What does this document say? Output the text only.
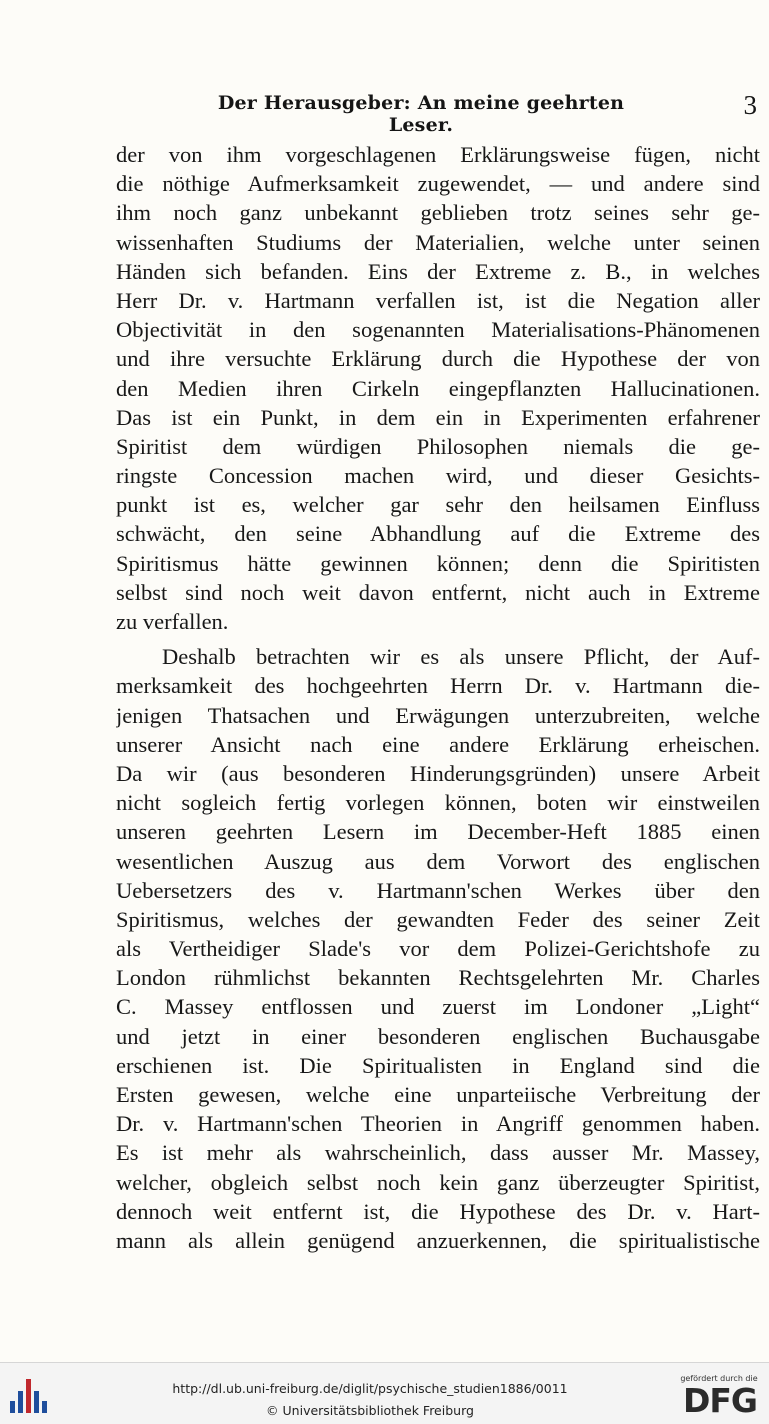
Der Herausgeber: An meine geehrten Leser.
3
der von ihm vorgeschlagenen Erklärungsweise fügen, nicht
die nöthige Aufmerksamkeit zugewendet, — und andere sind
ihm noch ganz unbekannt geblieben trotz seines sehr ge-
wissenhaften Studiums der Materialien, welche unter seinen
Händen sich befanden. Eins der Extreme z. B., in welches
Herr Dr. v. Hartmann verfallen ist, ist die Negation aller
Objectivität in den sogenannten Materialisations-Phänomenen
und ihre versuchte Erklärung durch die Hypothese der von
den Medien ihren Cirkeln eingepflanzten Hallucinationen.
Das ist ein Punkt, in dem ein in Experimenten erfahrener
Spiritist dem würdigen Philosophen niemals die ge-
ringste Concession machen wird, und dieser Gesichts-
punkt ist es, welcher gar sehr den heilsamen Einfluss
schwächt, den seine Abhandlung auf die Extreme des
Spiritismus hätte gewinnen können; denn die Spiritisten
selbst sind noch weit davon entfernt, nicht auch in Extreme
zu verfallen.
Deshalb betrachten wir es als unsere Pflicht, der Auf-
merksamkeit des hochgeehrten Herrn Dr. v. Hartmann die-
jenigen Thatsachen und Erwägungen unterzubreiten, welche
unserer Ansicht nach eine andere Erklärung erheischen.
Da wir (aus besonderen Hinderungsgründen) unsere Arbeit
nicht sogleich fertig vorlegen können, boten wir einstweilen
unseren geehrten Lesern im December-Heft 1885 einen
wesentlichen Auszug aus dem Vorwort des englischen
Uebersetzers des v. Hartmann'schen Werkes über den
Spiritismus, welches der gewandten Feder des seiner Zeit
als Vertheidiger Slade's vor dem Polizei-Gerichtshofe zu
London rühmlichst bekannten Rechtsgelehrten Mr. Charles
C. Massey entflossen und zuerst im Londoner „Light“
und jetzt in einer besonderen englischen Buchausgabe
erschienen ist. Die Spiritualisten in England sind die
Ersten gewesen, welche eine unparteiische Verbreitung der
Dr. v. Hartmann'schen Theorien in Angriff genommen haben.
Es ist mehr als wahrscheinlich, dass ausser Mr. Massey,
welcher, obgleich selbst noch kein ganz überzeugter Spiritist,
dennoch weit entfernt ist, die Hypothese des Dr. v. Hart-
mann als allein genügend anzuerkennen, die spiritualistische
http://dl.ub.uni-freiburg.de/diglit/psychische_studien1886/0011
© Universitätsbibliothek Freiburg
gefördert durch die
DFG
